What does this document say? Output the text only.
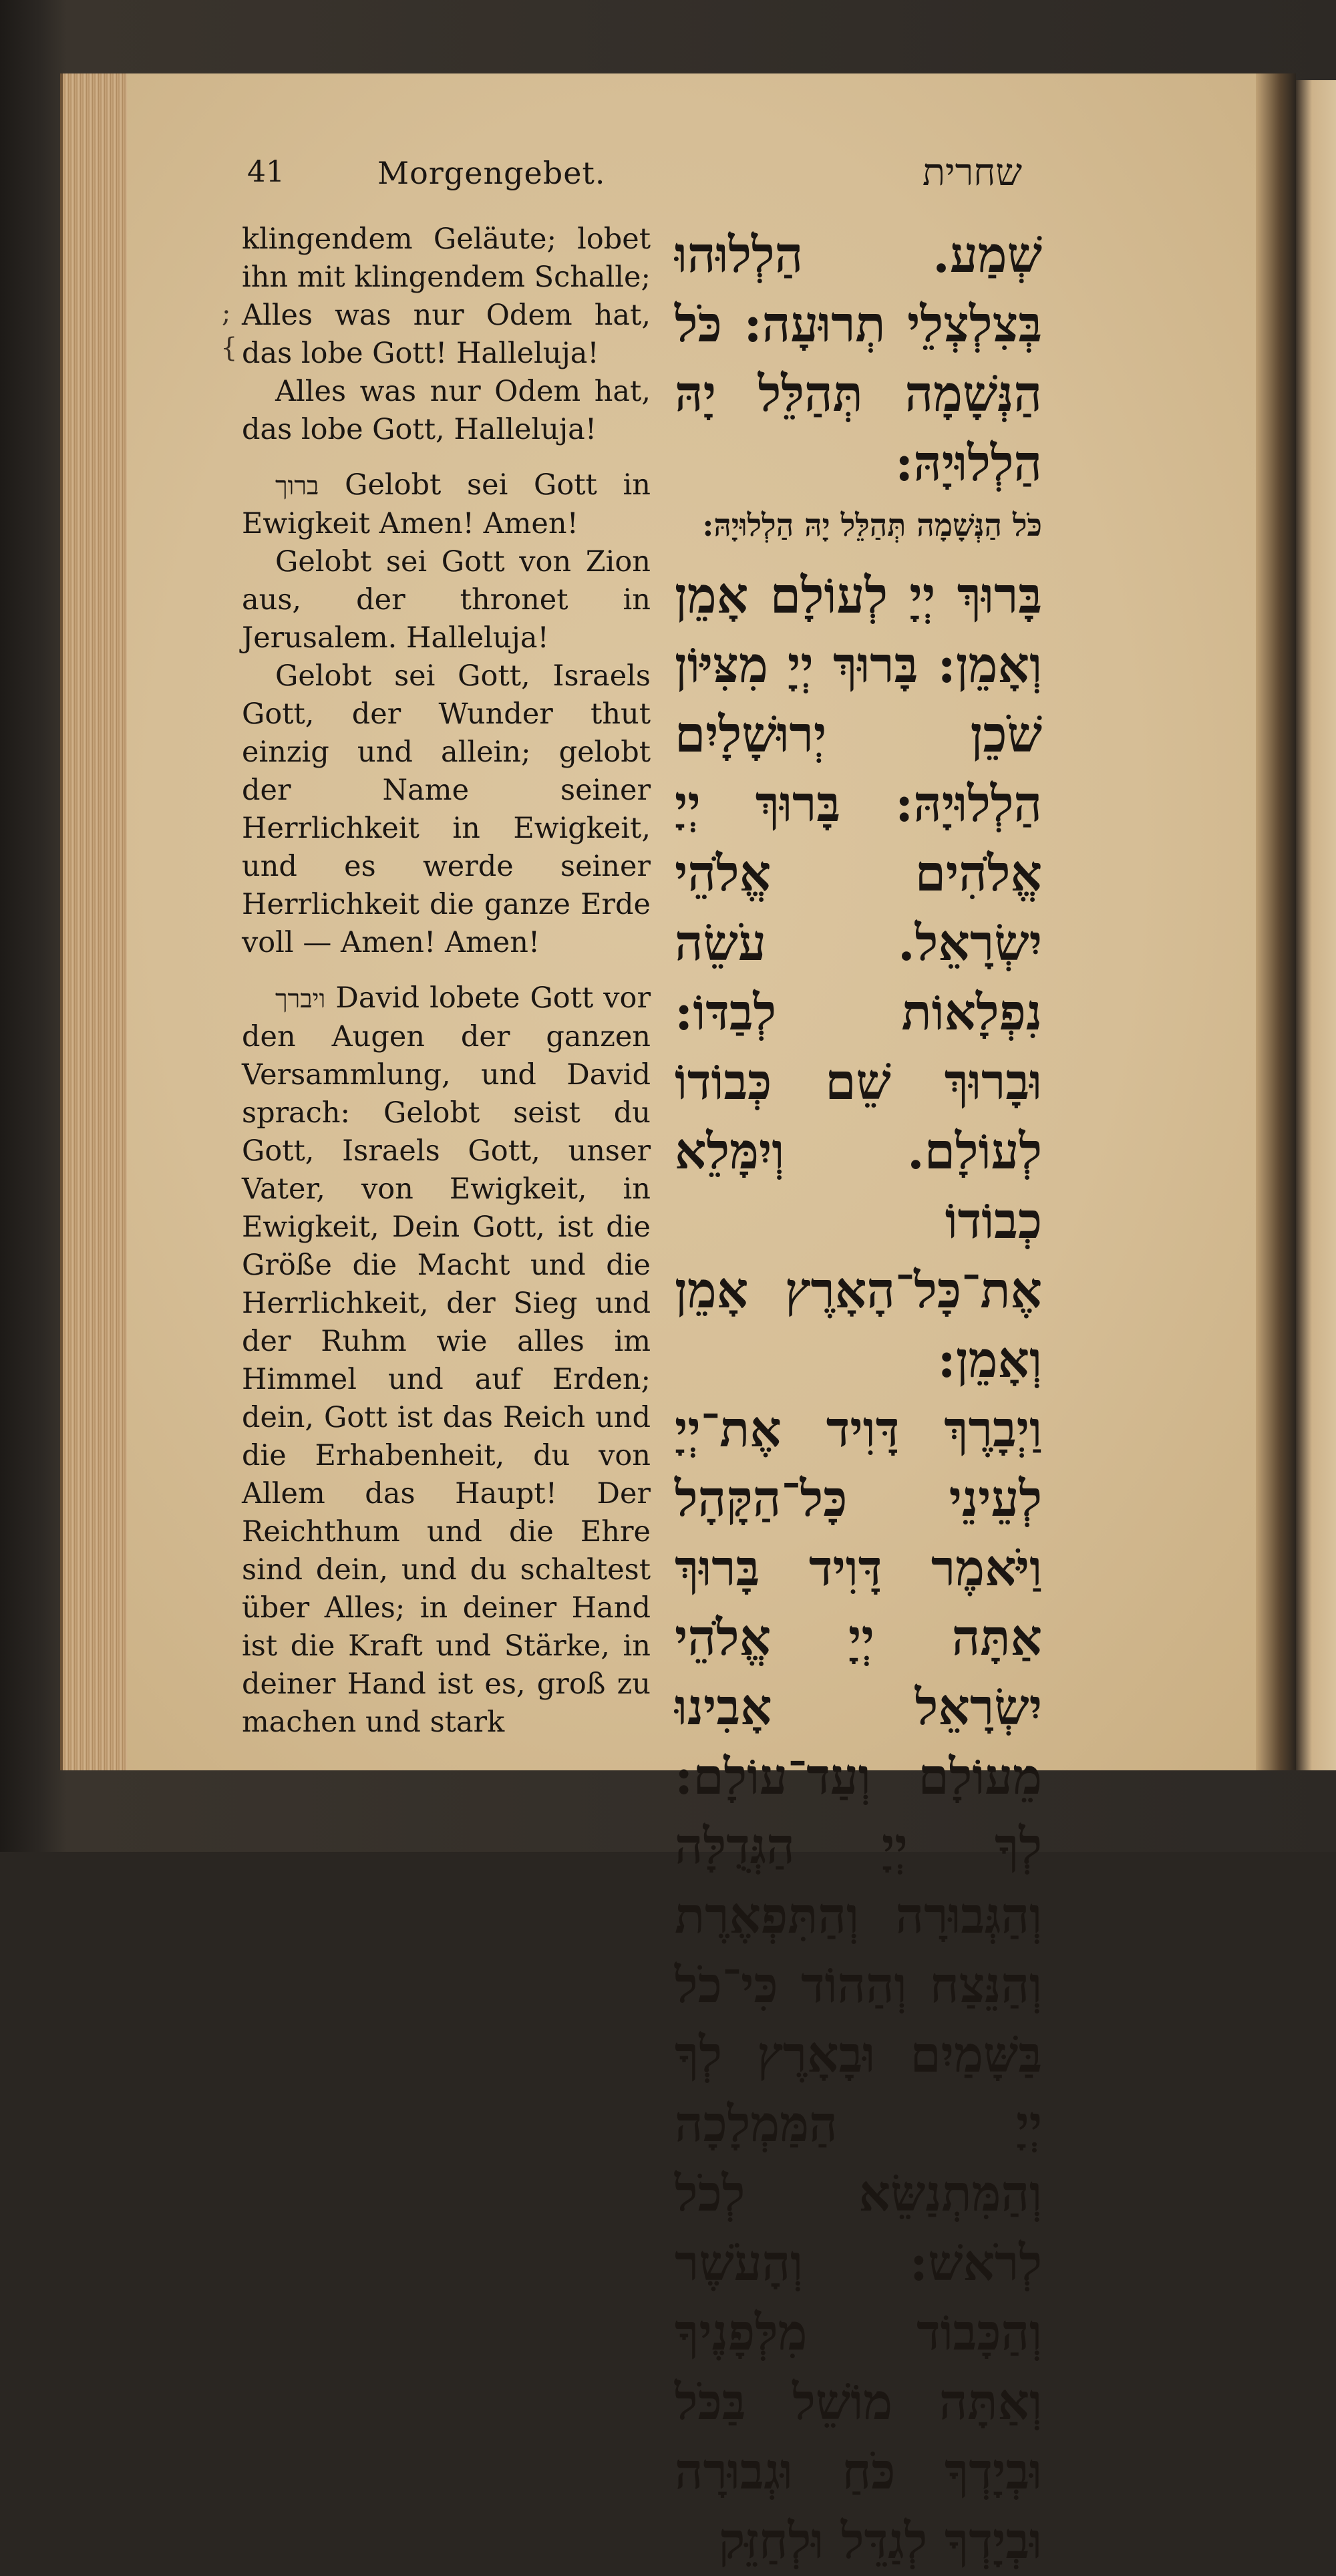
41	Morgengebet.	שחרית
;
{

klingendem Geläute; lobet ihn mit klingendem Schalle; Alles was nur Odem hat, das lobe Gott! Halleluja!

Alles was nur Odem hat, das lobe Gott, Halleluja!

ברוך Gelobt sei Gott in Ewigkeit Amen! Amen!

Gelobt sei Gott von Zion aus, der thronet in Jerusalem. Halleluja!

Gelobt sei Gott, Israels Gott, der Wunder thut einzig und allein; gelobt der Name seiner Herrlichkeit in Ewigkeit, und es werde seiner Herrlichkeit die ganze Erde voll — Amen! Amen!

ויברך David lobete Gott vor den Augen der ganzen Versammlung, und David sprach: Gelobt seist du Gott, Israels Gott, unser Vater, von Ewigkeit, in Ewigkeit, Dein Gott, ist die Größe die Macht und die Herrlichkeit, der Sieg und der Ruhm wie alles im Himmel und auf Erden; dein, Gott ist das Reich und die Erhabenheit, du von Allem das Haupt! Der Reichthum und die Ehre sind dein, und du schaltest über Alles; in deiner Hand ist die Kraft und Stärke, in deiner Hand ist es, groß zu machen und stark

שְׁמַע. הַלְלוּהוּ בְּצִלְצְלֵי תְרוּעָה: כֹּל הַנְּשָׁמָה תְּהַלֵּל יָהּ הַלְלוּיָהּ:

כֹּל הַנְּשָׁמָה תְּהַלֵּל יָהּ הַלְלוּיָהּ:

בָּרוּךְ יְיָ לְעוֹלָם אָמֵן וְאָמֵן: בָּרוּךְ יְיָ מִצִּיּוֹן שֹׁכֵן יְרוּשָׁלָיִם הַלְלוּיָהּ: בָּרוּךְ יְיָ אֱלֹהִים אֱלֹהֵי יִשְׂרָאֵל. עֹשֵׂה נִפְלָאוֹת לְבַדּוֹ: וּבָרוּךְ שֵׁם כְּבוֹדוֹ לְעוֹלָם. וְיִמָּלֵא כְבוֹדוֹ אֶת־כָּל־הָאָרֶץ אָמֵן וְאָמֵן:

וַיְבָרֶךְ דָּוִיד אֶת־יְיָ לְעֵינֵי כָּל־הַקָּהָל וַיֹּאמֶר דָּוִיד בָּרוּךְ אַתָּה יְיָ אֱלֹהֵי יִשְׂרָאֵל אָבִינוּ מֵעוֹלָם וְעַד־עוֹלָם: לְךָ יְיָ הַגְּדֻלָּה וְהַגְּבוּרָה וְהַתִּפְאֶרֶת וְהַנֵּצַח וְהַהוֹד כִּי־כֹל בַּשָּׁמַיִם וּבָאָרֶץ לְךָ יְיָ הַמַּמְלָכָה וְהַמִּתְנַשֵּׂא לְכֹל לְרֹאשׁ: וְהָעֹשֶׁר וְהַכָּבוֹד מִלְּפָנֶיךָ וְאַתָּה מוֹשֵׁל בַּכֹּל וּבְיָדְךָ כֹּחַ וּגְבוּרָה וּבְיָדְךָ לְגַדֵּל וּלְחַזֵּק
